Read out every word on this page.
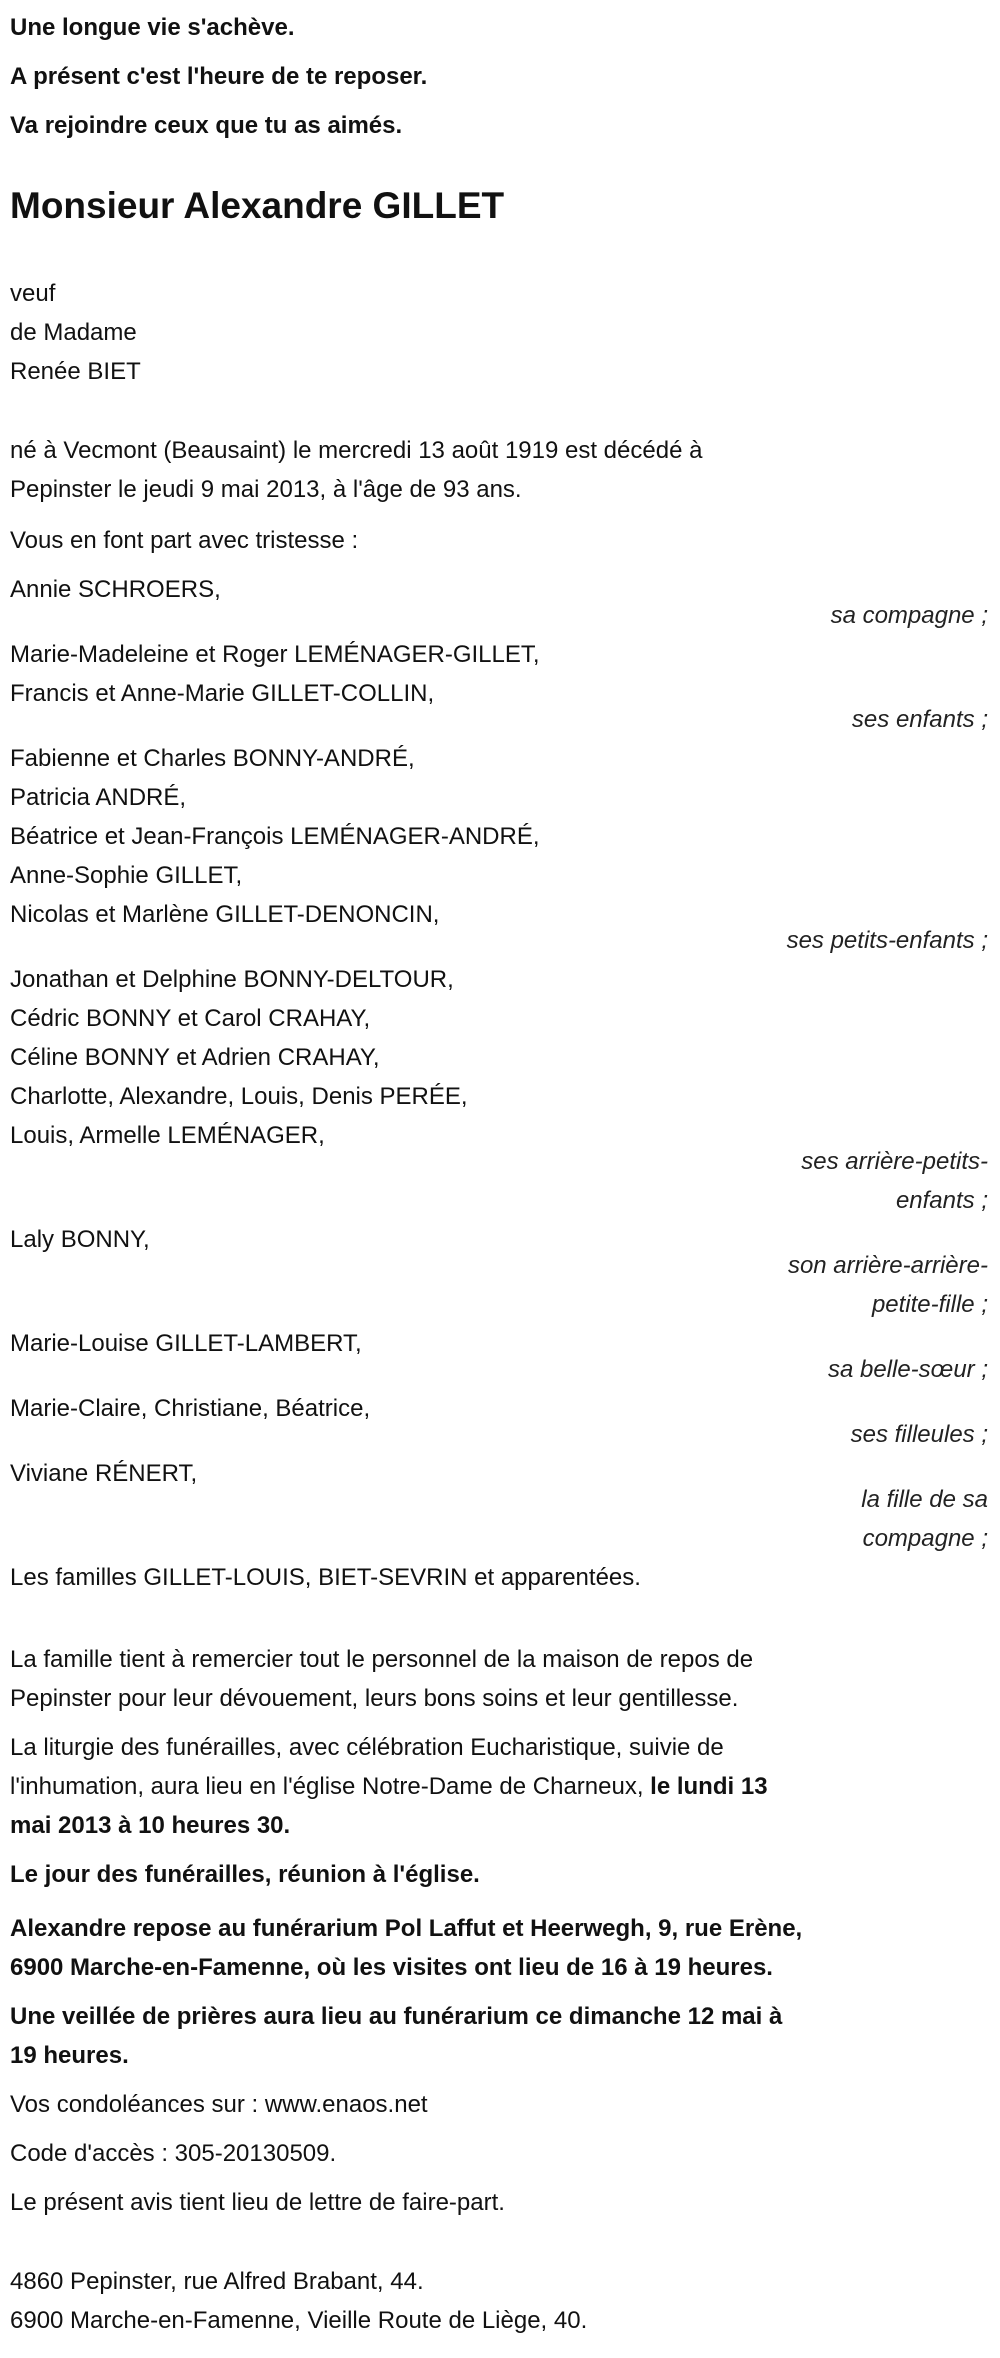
Une longue vie s'achève.
A présent c'est l'heure de te reposer.
Va rejoindre ceux que tu as aimés.
Monsieur Alexandre GILLET
veuf
de Madame
Renée BIET
né à Vecmont (Beausaint) le mercredi 13 août 1919 est décédé à
Pepinster le jeudi 9 mai 2013, à l'âge de 93 ans.
Vous en font part avec tristesse :
Annie SCHROERS,
sa compagne ;
Marie-Madeleine et Roger LEMÉNAGER-GILLET,
Francis et Anne-Marie GILLET-COLLIN,
ses enfants ;
Fabienne et Charles BONNY-ANDRÉ,
Patricia ANDRÉ,
Béatrice et Jean-François LEMÉNAGER-ANDRÉ,
Anne-Sophie GILLET,
Nicolas et Marlène GILLET-DENONCIN,
ses petits-enfants ;
Jonathan et Delphine BONNY-DELTOUR,
Cédric BONNY et Carol CRAHAY,
Céline BONNY et Adrien CRAHAY,
Charlotte, Alexandre, Louis, Denis PERÉE,
Louis, Armelle LEMÉNAGER,
ses arrière-petits-
enfants ;
Laly BONNY,
son arrière-arrière-
petite-fille ;
Marie-Louise GILLET-LAMBERT,
sa belle-sœur ;
Marie-Claire, Christiane, Béatrice,
ses filleules ;
Viviane RÉNERT,
la fille de sa
compagne ;
Les familles GILLET-LOUIS, BIET-SEVRIN et apparentées.
La famille tient à remercier tout le personnel de la maison de repos de
Pepinster pour leur dévouement, leurs bons soins et leur gentillesse.
La liturgie des funérailles, avec célébration Eucharistique, suivie de
l'inhumation, aura lieu en l'église Notre-Dame de Charneux, le lundi 13
mai 2013 à 10 heures 30.
Le jour des funérailles, réunion à l'église.
Alexandre repose au funérarium Pol Laffut et Heerwegh, 9, rue Erène,
6900 Marche-en-Famenne, où les visites ont lieu de 16 à 19 heures.
Une veillée de prières aura lieu au funérarium ce dimanche 12 mai à
19 heures.
Vos condoléances sur : www.enaos.net
Code d'accès : 305-20130509.
Le présent avis tient lieu de lettre de faire-part.
4860 Pepinster, rue Alfred Brabant, 44.
6900 Marche-en-Famenne, Vieille Route de Liège, 40.
